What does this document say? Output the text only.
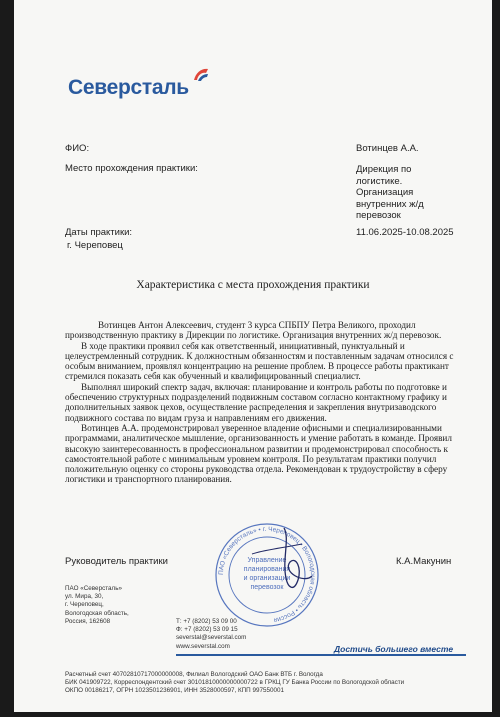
Северсталь
ФИО:	Вотинцев А.А.
Место прохождения практики:	Дирекция по
логистике.
Организация
внутренних ж/д
перевозок
Даты практики:	11.06.2025-10.08.2025
г. Череповец
Характеристика с места прохождения практики

Вотинцев Антон Алексеевич, студент 3 курса СПБПУ Петра Великого, проходил производственную практику в Дирекции по логистике. Организация внутренних ж/д перевозок.

В ходе практики проявил себя как ответственный, инициативный, пунктуальный и целеустремленный сотрудник. К должностным обязанностям и поставленным задачам относился с особым вниманием, проявлял концентрацию на решение проблем. В процессе работы практикант стремился показать себя как обученный и квалифицированный специалист.

Выполнял широкий спектр задач, включая: планирование и контроль работы по подготовке и обеспечению структурных подразделений подвижным составом согласно контактному графику и дополнительных заявок цехов, осуществление распределения и закрепления внутризаводского подвижного состава по видам груза и направлениям его движения.

Вотинцев А.А. продемонстрировал уверенное владение офисными и специализированными программами, аналитическое мышление, организованность и умение работать в команде. Проявил высокую заинтересованность в профессиональном развитии и продемонстрировал способность к самостоятельной работе с минимальным уровнем контроля. По результатам практики получил положительную оценку со стороны руководства отдела. Рекомендован к трудоустройству в сферу логистики и транспортного планирования.

Руководитель практики	К.А.Макунин
ПАО «Северсталь» • г. Череповец • Вологодская область • Россия
Управление
планирования
и организации
перевозок
ПАО «Северсталь»
ул. Мира, 30,
г. Череповец,
Вологодская область,
Россия, 162608	Т: +7 (8202) 53 09 00
Ф: +7 (8202) 53 09 15
severstal@severstal.com
www.severstal.com	Достичь большего вместе
Расчетный счет 40702810717000000008, Филиал Вологодский ОАО Банк ВТБ г. Вологда
БИК 041909722, Корреспондентский счет 30101810000000000722 в ГРКЦ ГУ Банка России по Вологодской области
ОКПО 00186217, ОГРН 1023501236901, ИНН 3528000597, КПП 997550001
